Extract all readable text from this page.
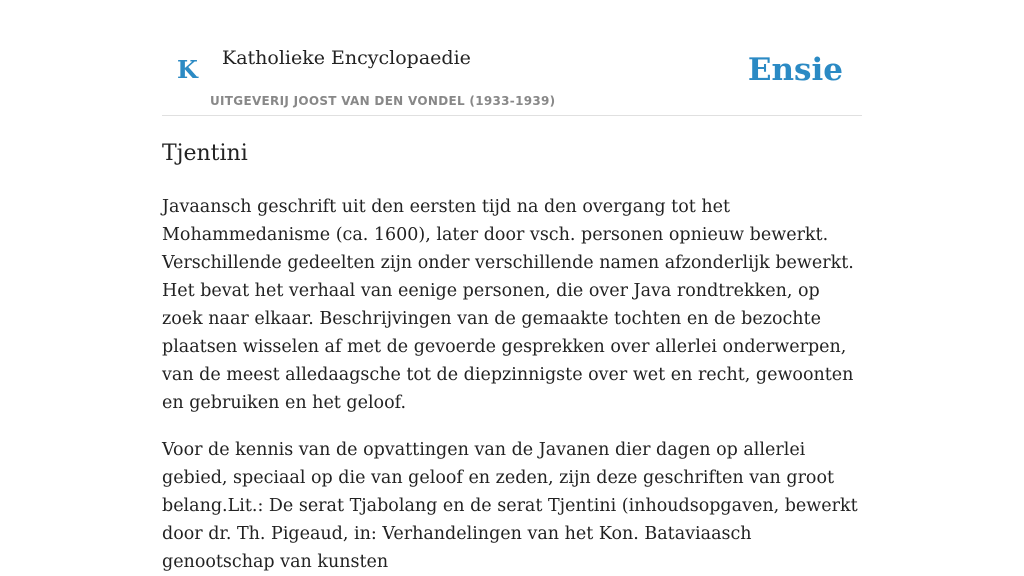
K Katholieke Encyclopaedie
UITGEVERIJ JOOST VAN DEN VONDEL (1933-1939)
Ensie
Tjentini

Javaansch geschrift uit den eersten tijd na den overgang tot het Mohammedanisme (ca. 1600), later door vsch. personen opnieuw bewerkt. Verschillende gedeelten zijn onder verschillende namen afzonderlijk bewerkt. Het bevat het verhaal van eenige personen, die over Java rondtrekken, op zoek naar elkaar. Beschrijvingen van de gemaakte tochten en de bezochte plaatsen wisselen af met de gevoerde gesprekken over allerlei onderwerpen, van de meest alledaagsche tot de diepzinnigste over wet en recht, gewoonten en gebruiken en het geloof.

Voor de kennis van de opvattingen van de Javanen dier dagen op allerlei gebied, speciaal op die van geloof en zeden, zijn deze geschriften van groot belang.Lit.: De serat Tjabolang en de serat Tjentini (inhoudsopgaven, bewerkt door dr. Th. Pigeaud, in: Verhandelingen van het Kon. Bataviaasch genootschap van kunsten
